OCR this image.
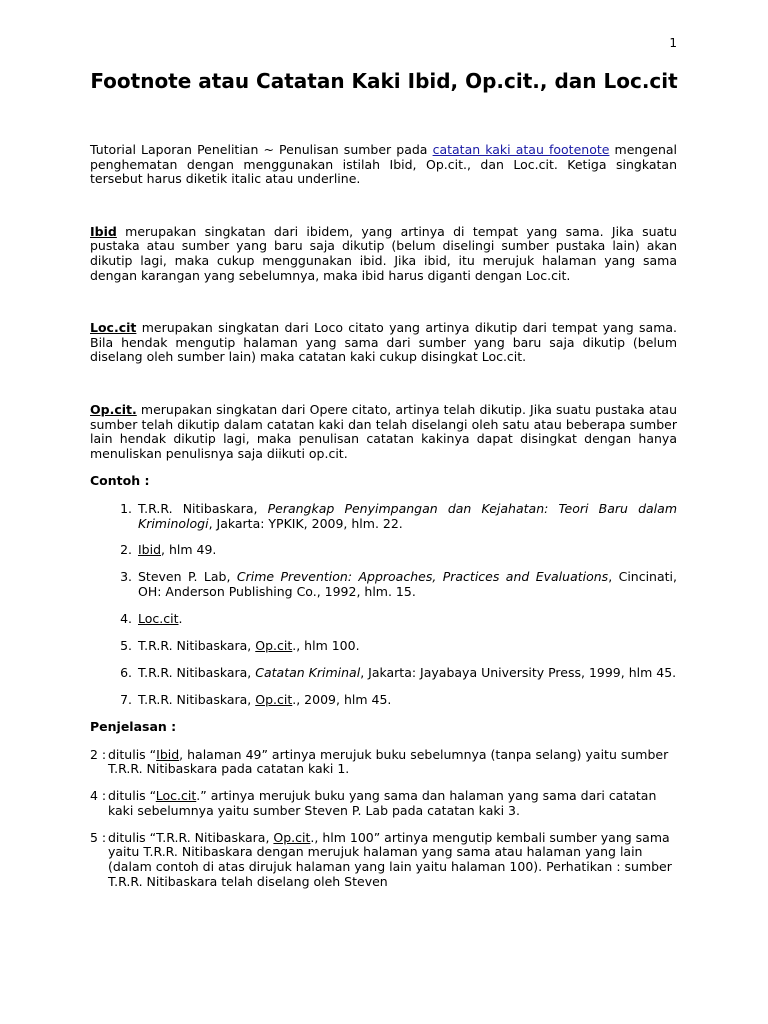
1
Footnote atau Catatan Kaki Ibid, Op.cit., dan Loc.cit

Tutorial Laporan Penelitian ~ Penulisan sumber pada catatan kaki atau footenote mengenal penghematan dengan menggunakan istilah Ibid, Op.cit., dan Loc.cit. Ketiga singkatan tersebut harus diketik italic atau underline.

Ibid merupakan singkatan dari ibidem, yang artinya di tempat yang sama. Jika suatu pustaka atau sumber yang baru saja dikutip (belum diselingi sumber pustaka lain) akan dikutip lagi, maka cukup menggunakan ibid. Jika ibid, itu merujuk halaman yang sama dengan karangan yang sebelumnya, maka ibid harus diganti dengan Loc.cit.

Loc.cit merupakan singkatan dari Loco citato yang artinya dikutip dari tempat yang sama. Bila hendak mengutip halaman yang sama dari sumber yang baru saja dikutip (belum diselang oleh sumber lain) maka catatan kaki cukup disingkat Loc.cit.

Op.cit. merupakan singkatan dari Opere citato, artinya telah dikutip. Jika suatu pustaka atau sumber telah dikutip dalam catatan kaki dan telah diselangi oleh satu atau beberapa sumber lain hendak dikutip lagi, maka penulisan catatan kakinya dapat disingkat dengan hanya menuliskan penulisnya saja diikuti op.cit.

Contoh :
1. T.R.R. Nitibaskara, Perangkap Penyimpangan dan Kejahatan: Teori Baru dalam Kriminologi, Jakarta: YPKIK, 2009, hlm. 22.
2. Ibid, hlm 49.
3. Steven P. Lab, Crime Prevention: Approaches, Practices and Evaluations, Cincinati, OH: Anderson Publishing Co., 1992, hlm. 15.
4. Loc.cit.
5. T.R.R. Nitibaskara, Op.cit., hlm 100.
6. T.R.R. Nitibaskara, Catatan Kriminal, Jakarta: Jayabaya University Press, 1999, hlm 45.
7. T.R.R. Nitibaskara, Op.cit., 2009, hlm 45.
Penjelasan :
2 : ditulis “Ibid, halaman 49” artinya merujuk buku sebelumnya (tanpa selang) yaitu sumber T.R.R. Nitibaskara pada catatan kaki 1.
4 : ditulis “Loc.cit.” artinya merujuk buku yang sama dan halaman yang sama dari catatan kaki sebelumnya yaitu sumber Steven P. Lab pada catatan kaki 3.
5 : ditulis “T.R.R. Nitibaskara, Op.cit., hlm 100” artinya mengutip kembali sumber yang sama yaitu T.R.R. Nitibaskara dengan merujuk halaman yang sama atau halaman yang lain (dalam contoh di atas dirujuk halaman yang lain yaitu halaman 100). Perhatikan : sumber T.R.R. Nitibaskara telah diselang oleh Steven
